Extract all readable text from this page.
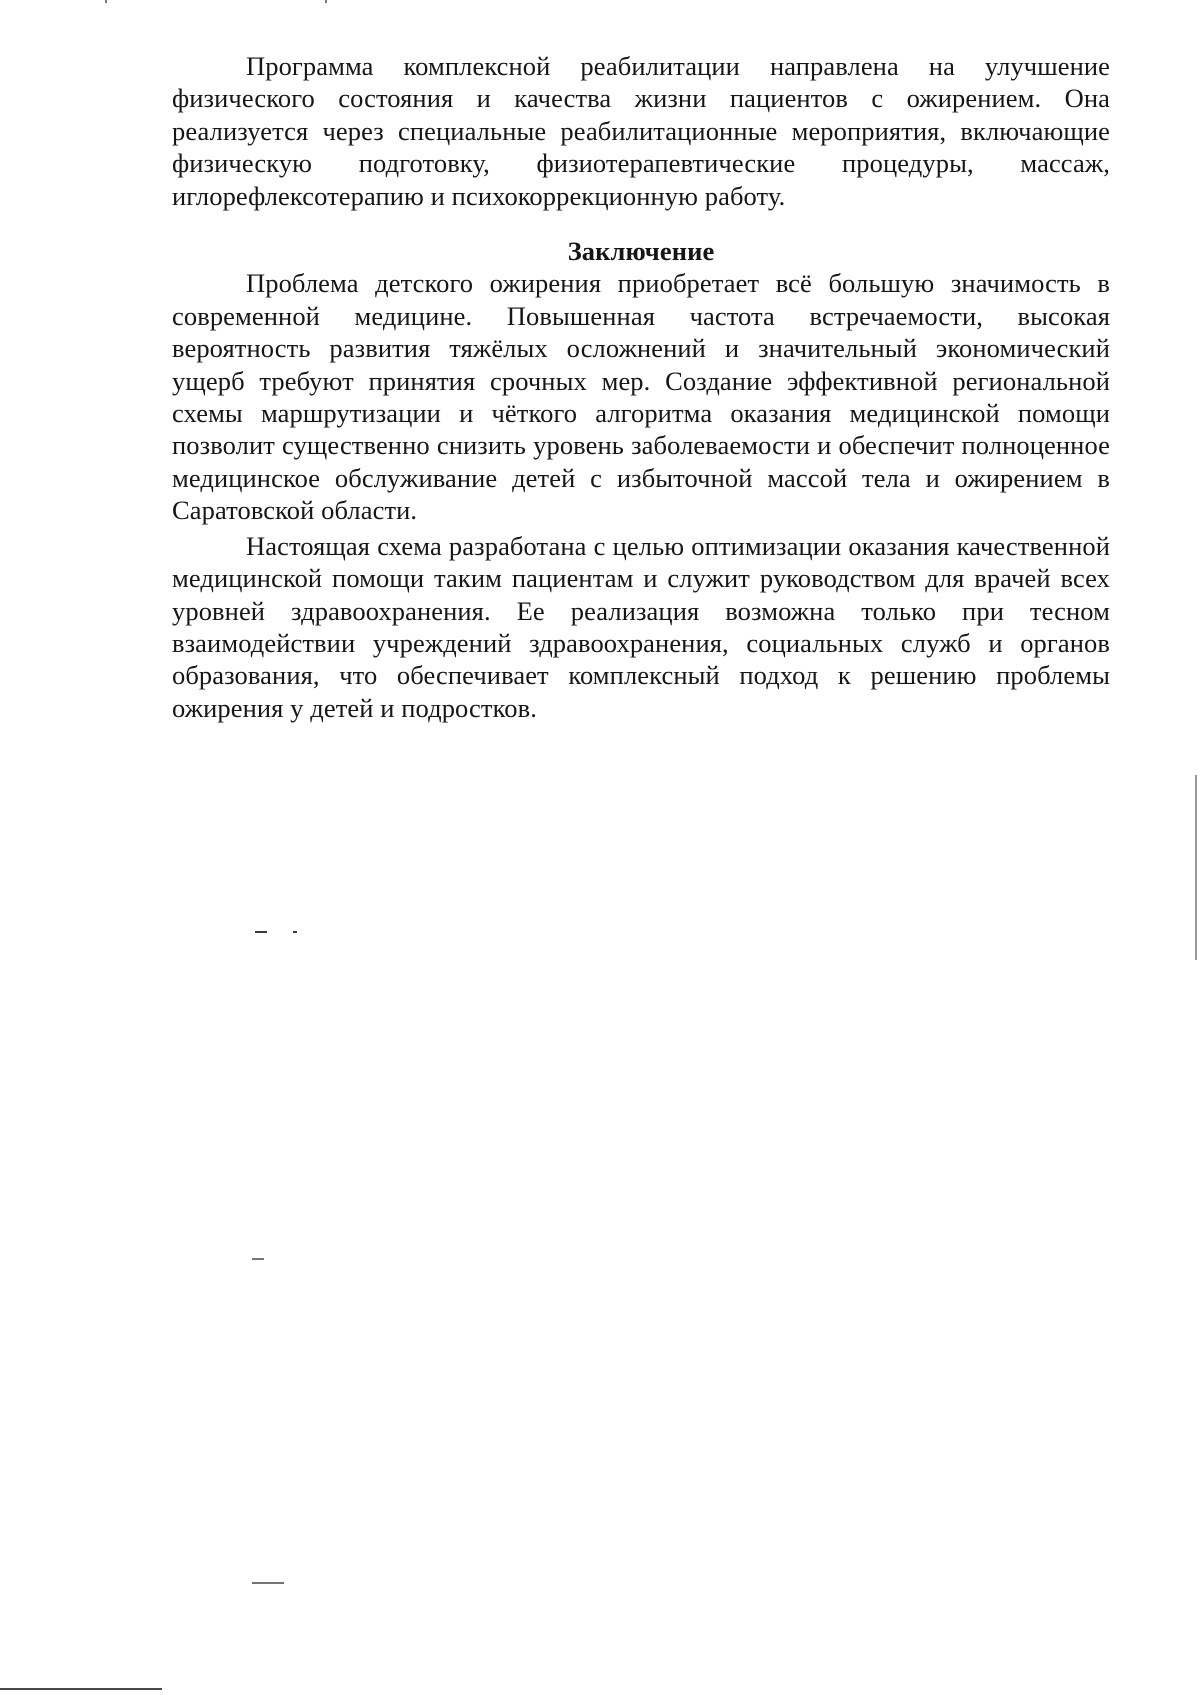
Программа комплексной реабилитации направлена на улучшение физического состояния и качества жизни пациентов с ожирением. Она реализуется через специальные реабилитационные мероприятия, включающие физическую подготовку, физиотерапевтические процедуры, массаж, иглорефлексотерапию и психокоррекционную работу.

Заключение

Проблема детского ожирения приобретает всё большую значимость в современной медицине. Повышенная частота встречаемости, высокая вероятность развития тяжёлых осложнений и значительный экономический ущерб требуют принятия срочных мер. Создание эффективной региональной схемы маршрутизации и чёткого алгоритма оказания медицинской помощи позволит существенно снизить уровень заболеваемости и обеспечит полноценное медицинское обслуживание детей с избыточной массой тела и ожирением в Саратовской области.

Настоящая схема разработана с целью оптимизации оказания качественной медицинской помощи таким пациентам и служит руководством для врачей всех уровней здравоохранения. Ее реализация возможна только при тесном взаимодействии учреждений здравоохранения, социальных служб и органов образования, что обеспечивает комплексный подход к решению проблемы ожирения у детей и подростков.
